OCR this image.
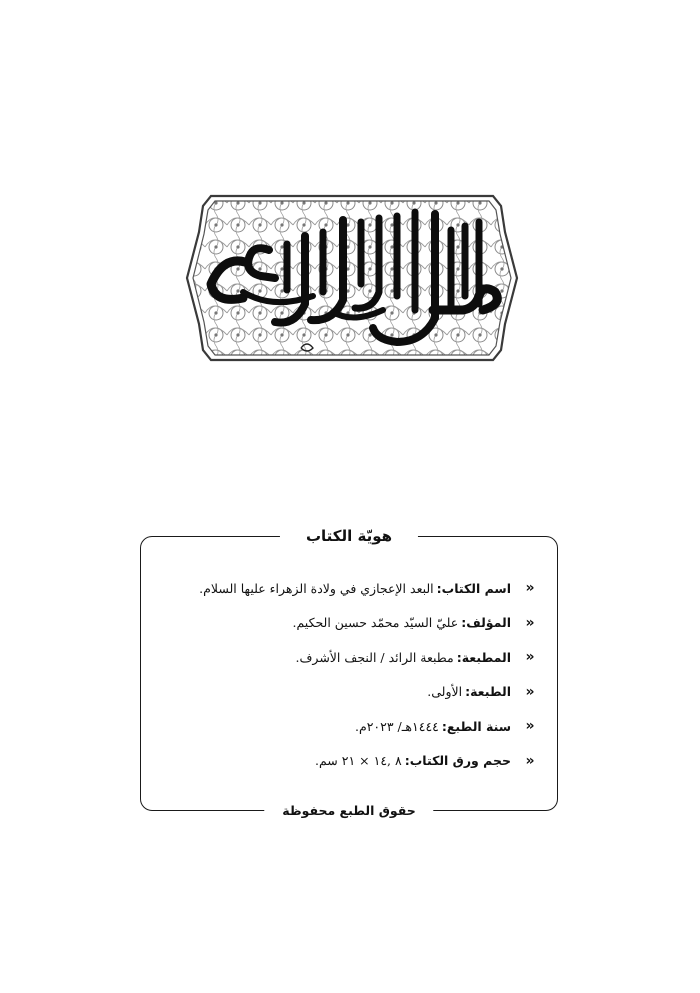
هويّة الكتاب
«
اسم الكتاب:
البعد الإعجازي في ولادة الزهراء عليها السلام.
«
المؤلف:
عليّ السيّد محمّد حسين الحكيم.
«
المطبعة:
مطبعة الرائد / النجف الأشرف.
«
الطبعة:
الأولى.
«
سنة الطبع:
١٤٤٤هـ/ ٢٠٢٣م.
«
حجم ورق الكتاب:
٨ ,١٤ × ٢١ سم.
حقوق الطبع محفوظة
